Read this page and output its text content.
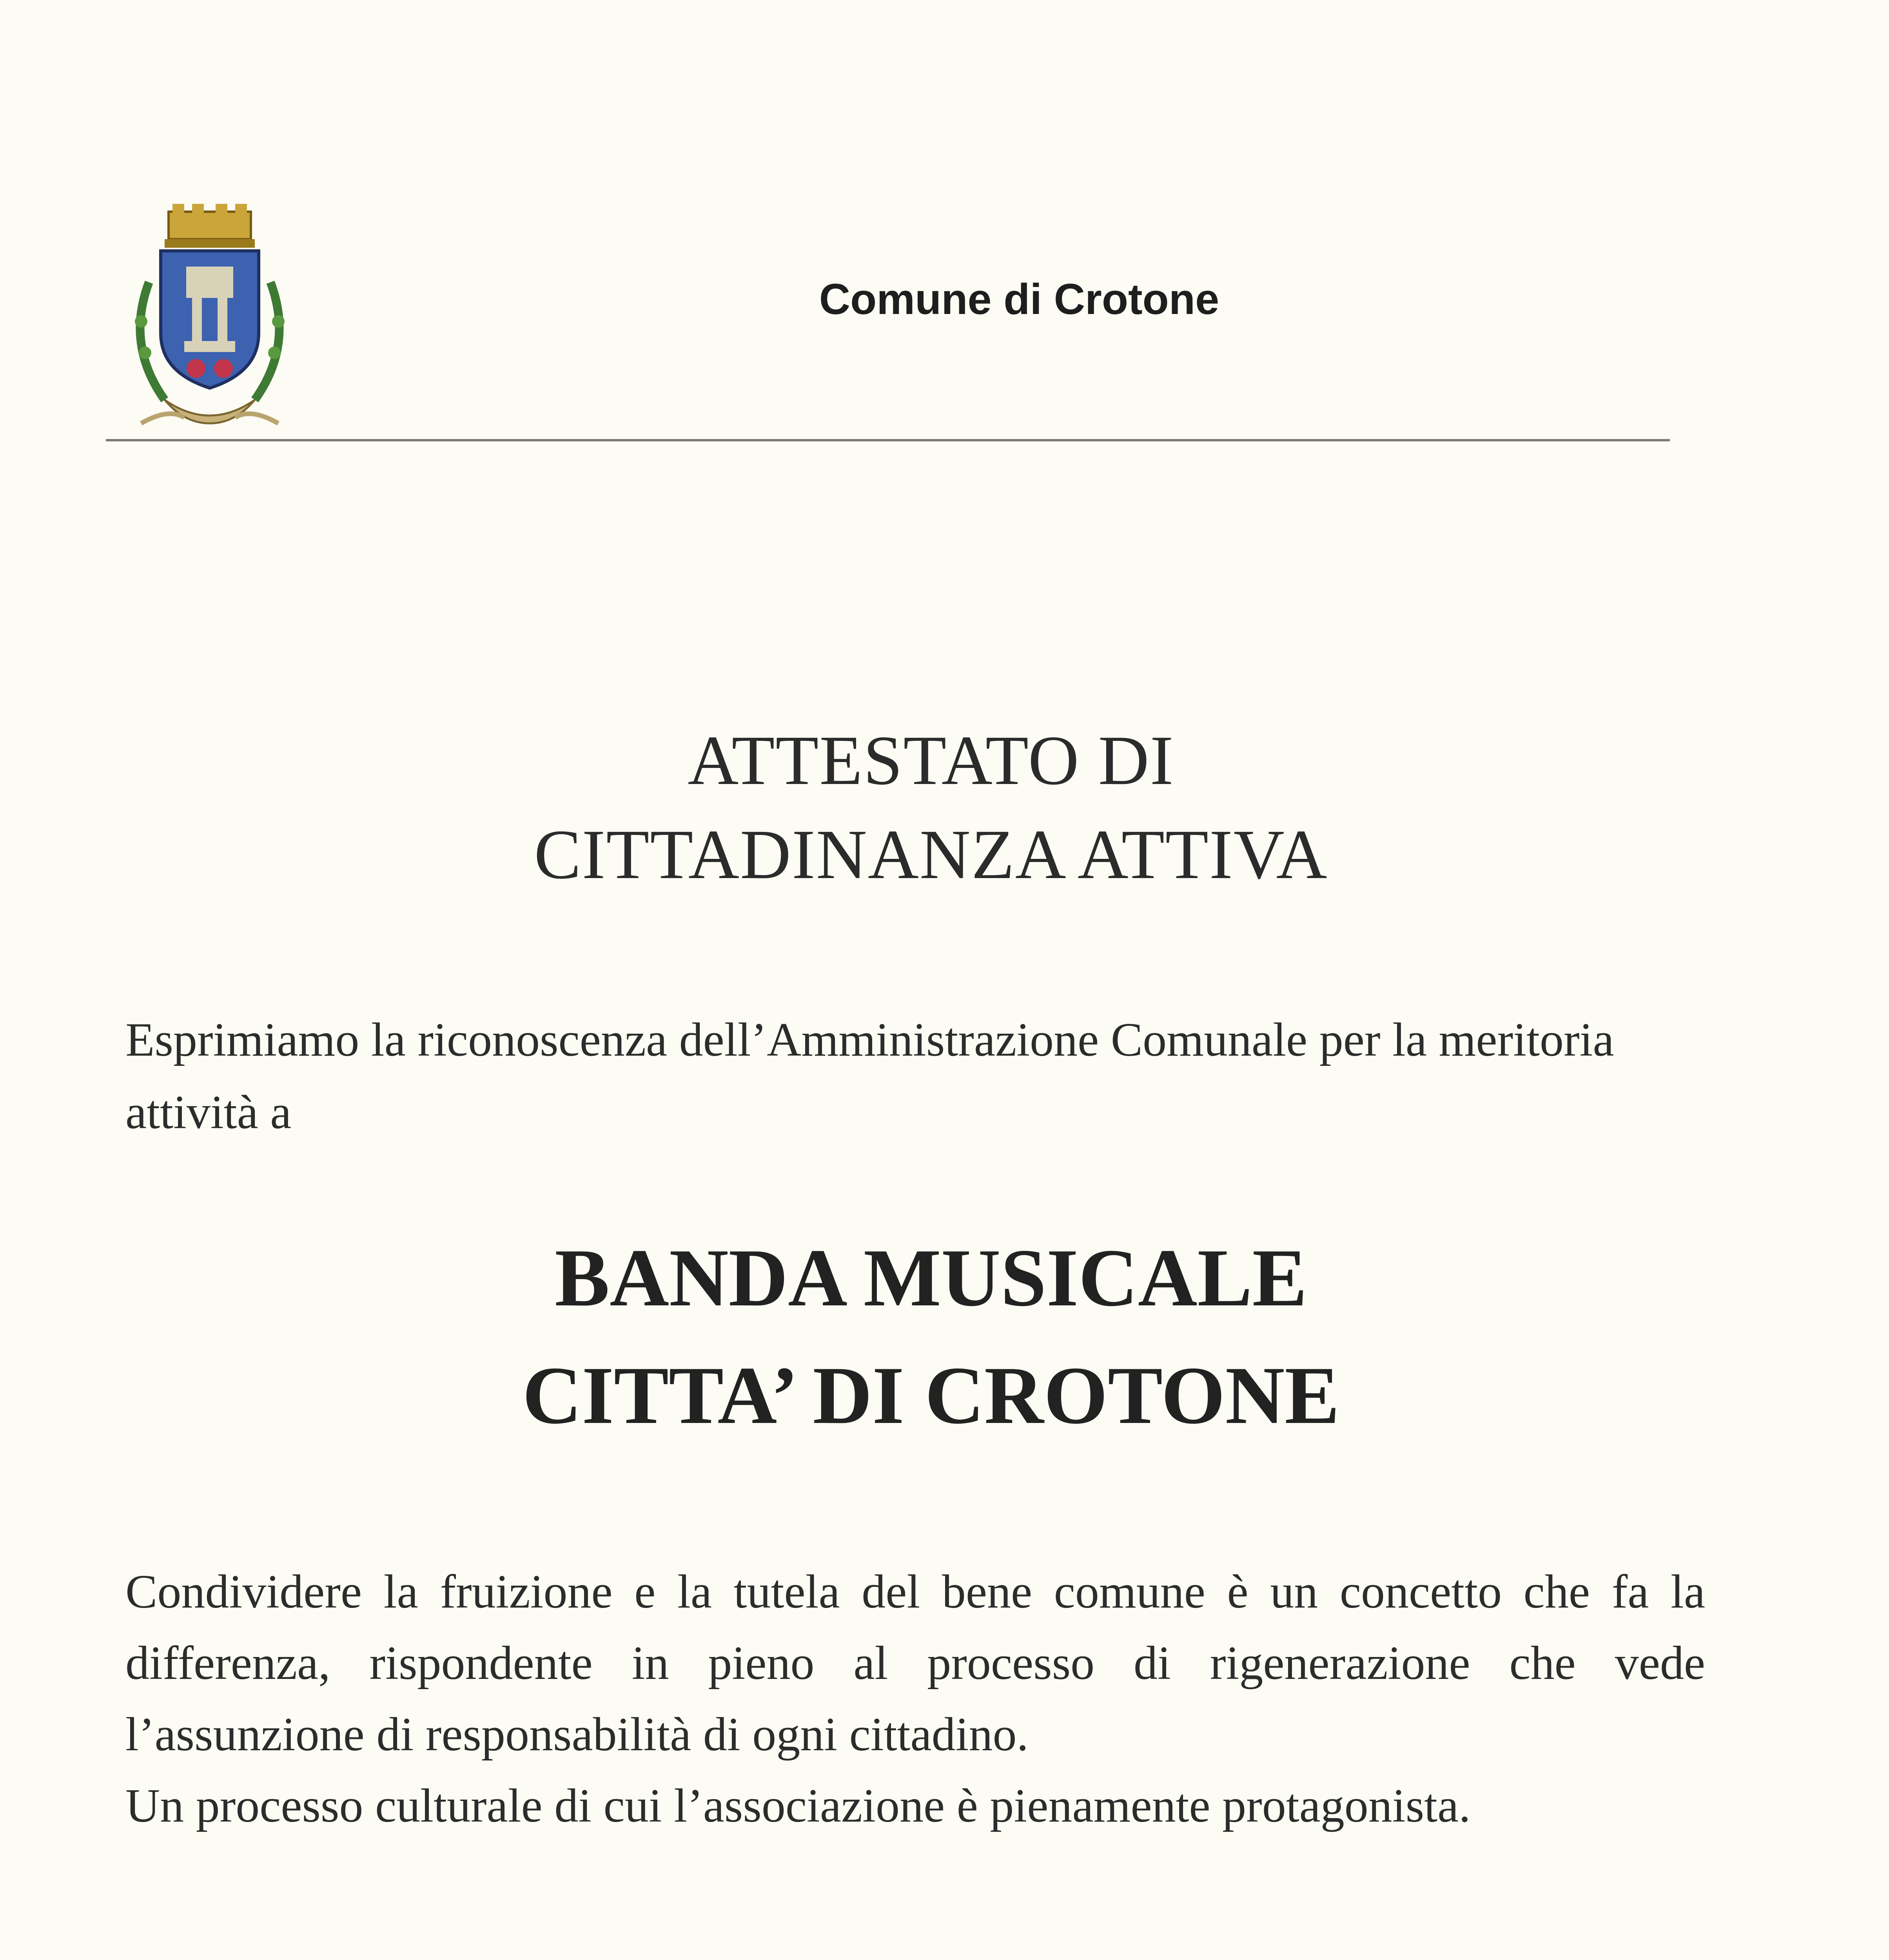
Comune di Crotone
ATTESTATO DI
CITTADINANZA ATTIVA
Esprimiamo la riconoscenza dell’Amministrazione Comunale per la meritoria attività a
BANDA MUSICALE
CITTA’ DI CROTONE

Condividere la fruizione e la tutela del bene comune è un concetto che fa la differenza, rispondente in pieno al processo di rigenerazione che vede l’assunzione di responsabilità di ogni cittadino.

Un processo culturale di cui l’associazione è pienamente protagonista.
